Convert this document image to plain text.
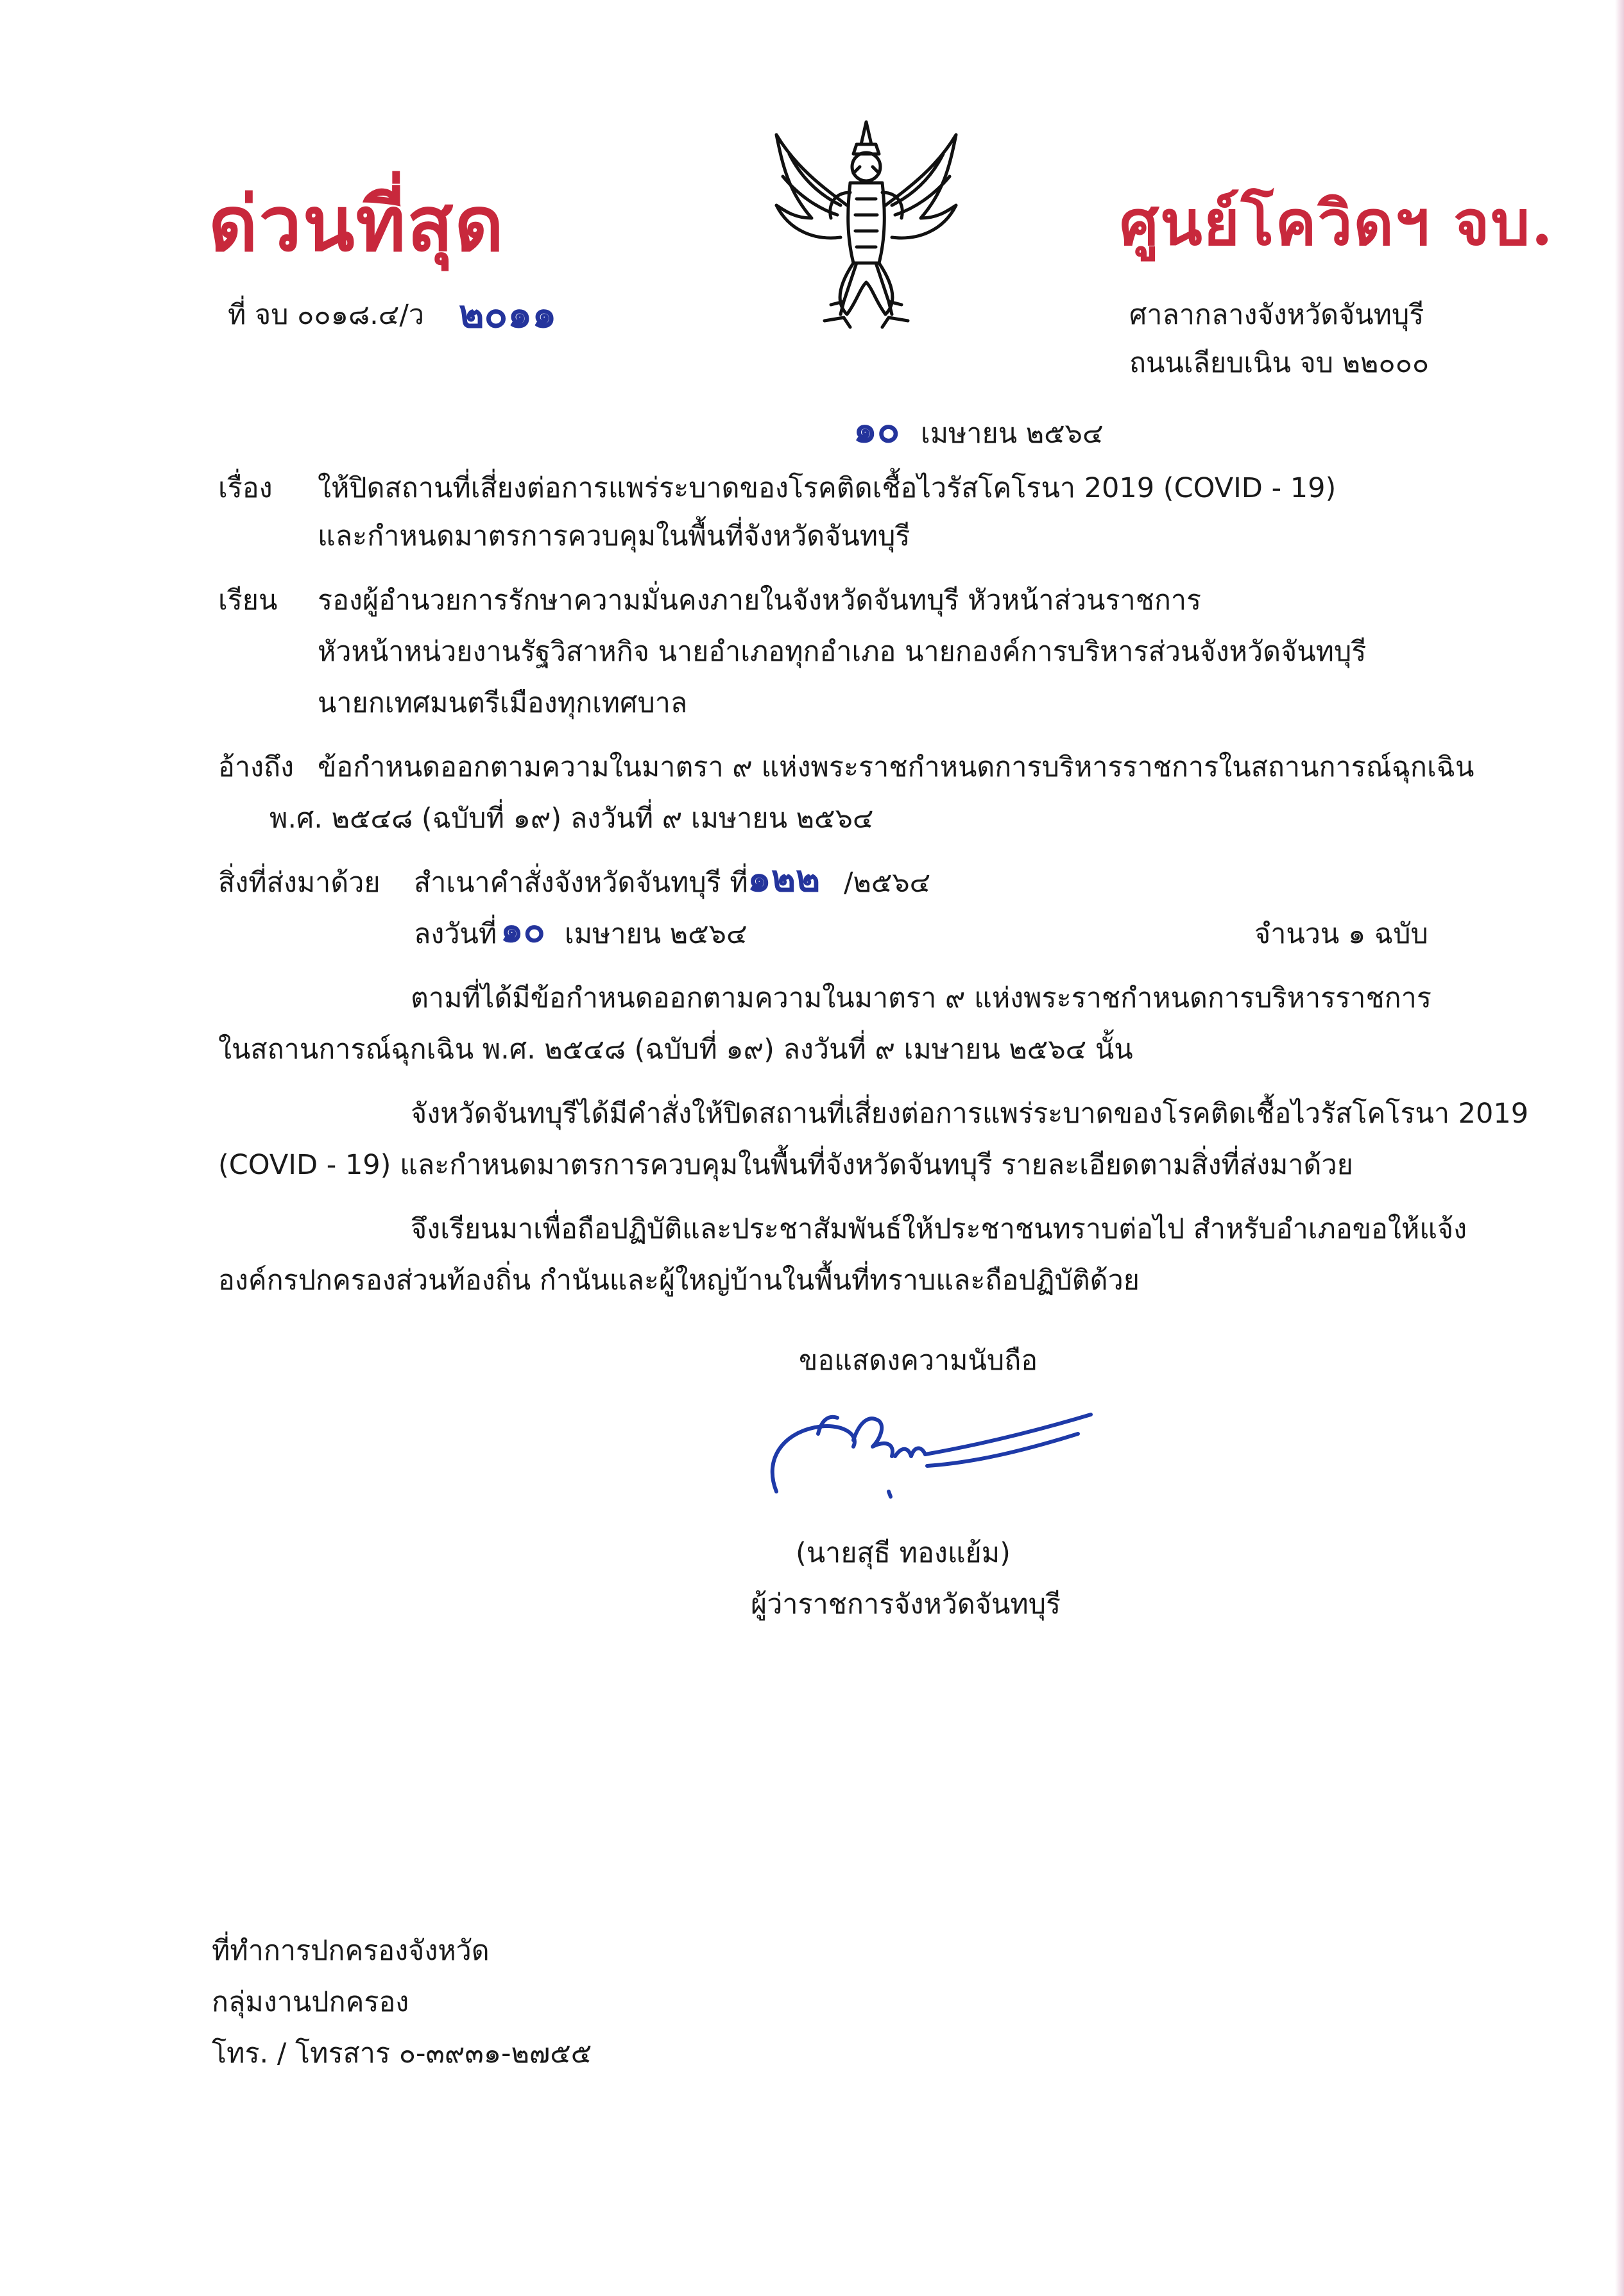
ด่วนที่สุด	ศูนย์โควิดฯ จบ.
ที่ จบ ๐๐๑๘.๔/ว ๒๐๑๑	ศาลากลางจังหวัดจันทบุรี
ถนนเลียบเนิน จบ ๒๒๐๐๐
๑๐ เมษายน ๒๕๖๔
เรื่อง ให้ปิดสถานที่เสี่ยงต่อการแพร่ระบาดของโรคติดเชื้อไวรัสโคโรนา 2019 (COVID - 19)
และกำหนดมาตรการควบคุมในพื้นที่จังหวัดจันทบุรี
เรียน รองผู้อำนวยการรักษาความมั่นคงภายในจังหวัดจันทบุรี หัวหน้าส่วนราชการ
หัวหน้าหน่วยงานรัฐวิสาหกิจ นายอำเภอทุกอำเภอ นายกองค์การบริหารส่วนจังหวัดจันทบุรี
นายกเทศมนตรีเมืองทุกเทศบาล
อ้างถึง ข้อกำหนดออกตามความในมาตรา ๙ แห่งพระราชกำหนดการบริหารราชการในสถานการณ์ฉุกเฉิน
พ.ศ. ๒๕๔๘ (ฉบับที่ ๑๙) ลงวันที่ ๙ เมษายน ๒๕๖๔
สิ่งที่ส่งมาด้วย สำเนาคำสั่งจังหวัดจันทบุรี ที่ ๑๒๒ /๒๕๖๔
ลงวันที่ ๑๐ เมษายน ๒๕๖๔	จำนวน ๑ ฉบับ
ตามที่ได้มีข้อกำหนดออกตามความในมาตรา ๙ แห่งพระราชกำหนดการบริหารราชการ
ในสถานการณ์ฉุกเฉิน พ.ศ. ๒๕๔๘ (ฉบับที่ ๑๙) ลงวันที่ ๙ เมษายน ๒๕๖๔ นั้น
จังหวัดจันทบุรีได้มีคำสั่งให้ปิดสถานที่เสี่ยงต่อการแพร่ระบาดของโรคติดเชื้อไวรัสโคโรนา 2019
(COVID - 19) และกำหนดมาตรการควบคุมในพื้นที่จังหวัดจันทบุรี รายละเอียดตามสิ่งที่ส่งมาด้วย
จึงเรียนมาเพื่อถือปฏิบัติและประชาสัมพันธ์ให้ประชาชนทราบต่อไป สำหรับอำเภอขอให้แจ้ง
องค์กรปกครองส่วนท้องถิ่น กำนันและผู้ใหญ่บ้านในพื้นที่ทราบและถือปฏิบัติด้วย
ขอแสดงความนับถือ
(นายสุธี ทองแย้ม)
ผู้ว่าราชการจังหวัดจันทบุรี
ที่ทำการปกครองจังหวัด
กลุ่มงานปกครอง
โทร. / โทรสาร ๐-๓๙๓๑-๒๗๕๕
